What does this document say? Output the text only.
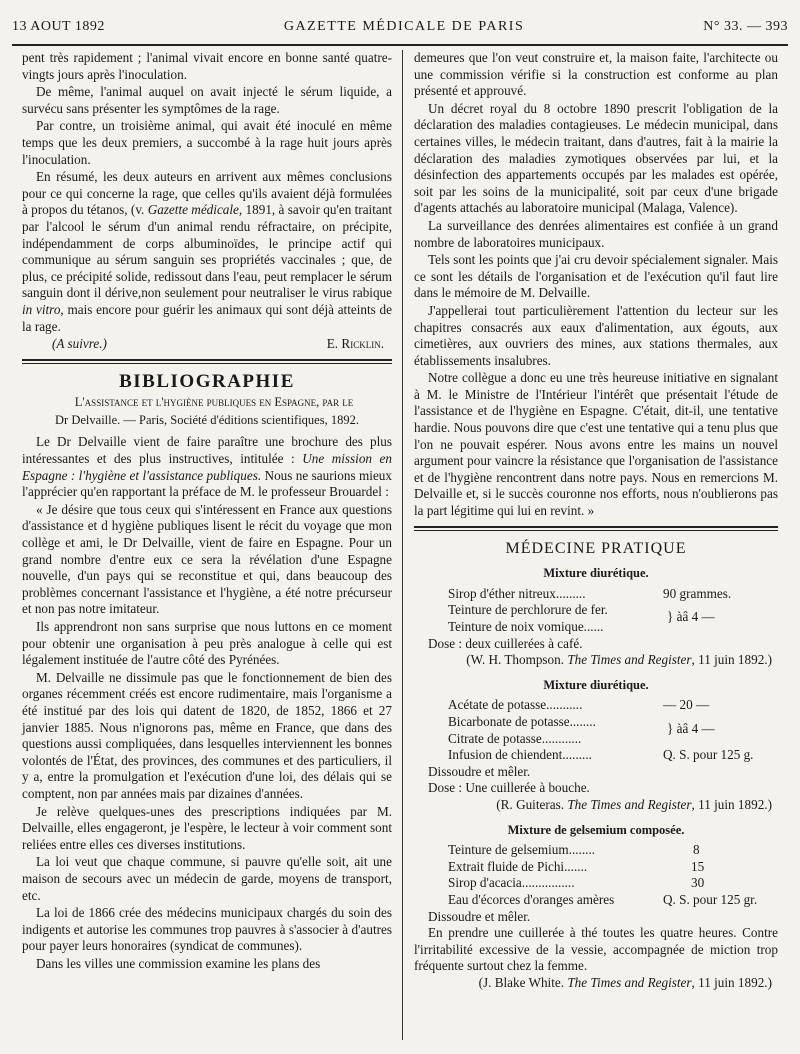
13 AOUT 1892	GAZETTE MÉDICALE DE PARIS	N° 33. — 393

pent très rapidement ; l'animal vivait encore en bonne santé quatre-vingts jours après l'inoculation.

De même, l'animal auquel on avait injecté le sérum liquide, a survécu sans présenter les symptômes de la rage.

Par contre, un troisième animal, qui avait été inoculé en même temps que les deux premiers, a succombé à la rage huit jours après l'inoculation.

En résumé, les deux auteurs en arrivent aux mêmes conclusions pour ce qui concerne la rage, que celles qu'ils avaient déjà formulées à propos du tétanos, (v. Gazette médicale, 1891, à savoir qu'en traitant par l'alcool le sérum d'un animal rendu réfractaire, on précipite, indépendamment de corps albuminoïdes, le principe actif qui communique au sérum sanguin ses propriétés vaccinales ; que, de plus, ce précipité solide, redissout dans l'eau, peut remplacer le sérum sanguin dont il dérive,non seulement pour neutraliser le virus rabique in vitro, mais encore pour guérir les animaux qui sont déjà atteints de la rage.

(A suivre.)	E. Ricklin.
BIBLIOGRAPHIE

L'assistance et l'hygiène publiques en Espagne, par le

Dr Delvaille. — Paris, Société d'éditions scientifiques, 1892.

Le Dr Delvaille vient de faire paraître une brochure des plus intéressantes et des plus instructives, intitulée : Une mission en Espagne : l'hygiène et l'assistance publiques. Nous ne saurions mieux l'apprécier qu'en rapportant la préface de M. le professeur Brouardel :

« Je désire que tous ceux qui s'intéressent en France aux questions d'assistance et d hygiène publiques lisent le récit du voyage que mon collège et ami, le Dr Delvaille, vient de faire en Espagne. Pour un grand nombre d'entre eux ce sera la révélation d'une Espagne nouvelle, d'un pays qui se reconstitue et qui, dans beaucoup des problèmes concernant l'assistance et l'hygiène, a été notre précurseur et non pas notre imitateur.

Ils apprendront non sans surprise que nous luttons en ce moment pour obtenir une organisation à peu près analogue à celle qui est légalement instituée de l'autre côté des Pyrénées.

M. Delvaille ne dissimule pas que le fonctionnement de bien des organes récemment créés est encore rudimentaire, mais l'organisme a été institué par des lois qui datent de 1820, de 1852, 1866 et 27 janvier 1885. Nous n'ignorons pas, même en France, que dans des questions aussi compliquées, dans lesquelles interviennent les bonnes volontés de l'État, des provinces, des communes et des particuliers, il y a, entre la promulgation et l'exécution d'une loi, des délais qui se comptent, non par années mais par dizaines d'années.

Je relève quelques-unes des prescriptions indiquées par M. Delvaille, elles engageront, je l'espère, le lecteur à voir comment sont reliées entre elles ces diverses institutions.

La loi veut que chaque commune, si pauvre qu'elle soit, ait une maison de secours avec un médecin de garde, moyens de transport, etc.

La loi de 1866 crée des médecins municipaux chargés du soin des indigents et autorise les communes trop pauvres à s'associer à d'autres pour payer leurs honoraires (syndicat de communes).

Dans les villes une commission examine les plans des

demeures que l'on veut construire et, la maison faite, l'architecte ou une commission vérifie si la construction est conforme au plan présenté et approuvé.

Un décret royal du 8 octobre 1890 prescrit l'obligation de la déclaration des maladies contagieuses. Le médecin municipal, dans certaines villes, le médecin traitant, dans d'autres, fait à la mairie la déclaration des maladies zymotiques observées par lui, et la désinfection des appartements occupés par les malades est opérée, soit par les soins de la municipalité, soit par ceux d'une brigade d'agents attachés au laboratoire municipal (Malaga, Valence).

La surveillance des denrées alimentaires est confiée à un grand nombre de laboratoires municipaux.

Tels sont les points que j'ai cru devoir spécialement signaler. Mais ce sont les détails de l'organisation et de l'exécution qu'il faut lire dans le mémoire de M. Delvaille.

J'appellerai tout particulièrement l'attention du lecteur sur les chapitres consacrés aux eaux d'alimentation, aux égouts, aux cimetières, aux ouvriers des mines, aux stations thermales, aux établissements insalubres.

Notre collègue a donc eu une très heureuse initiative en signalant à M. le Ministre de l'Intérieur l'intérêt que présentait l'étude de l'assistance et de l'hygiène en Espagne. C'était, dit-il, une tentative hardie. Nous pouvons dire que c'est une tentative qui a tenu plus que l'on ne pouvait espérer. Nous avons entre les mains un nouvel argument pour vaincre la résistance que l'organisation de l'assistance et de l'hygiène rencontrent dans notre pays. Nous en remercions M. Delvaille et, si le succès couronne nos efforts, nous n'oublierons pas la part légitime qui lui en revint. »

MÉDECINE PRATIQUE
Mixture diurétique.
Sirop d'éther nitreux.........	90 grammes.
Teinture de perchlorure de fer.
Teinture de noix vomique......
} àâ 4 —
Dose : deux cuillerées à café.
(W. H. Thompson. The Times and Register, 11 juin 1892.)
Mixture diurétique.
Acétate de potasse...........	— 20 —
Bicarbonate de potasse........
Citrate de potasse............
} àâ 4 —
Infusion de chiendent.........	Q. S. pour 125 g.
Dissoudre et mêler.
Dose : Une cuillerée à bouche.
(R. Guiteras. The Times and Register, 11 juin 1892.)
Mixture de gelsemium composée.
Teinture de gelsemium........	8
Extrait fluide de Pichi.......	15
Sirop d'acacia................	30
Eau d'écorces d'oranges amères	Q. S. pour 125 gr.
Dissoudre et mêler.

En prendre une cuillerée à thé toutes les quatre heures. Contre l'irritabilité excessive de la vessie, accompagnée de miction trop fréquente surtout chez la femme.

(J. Blake White. The Times and Register, 11 juin 1892.)
